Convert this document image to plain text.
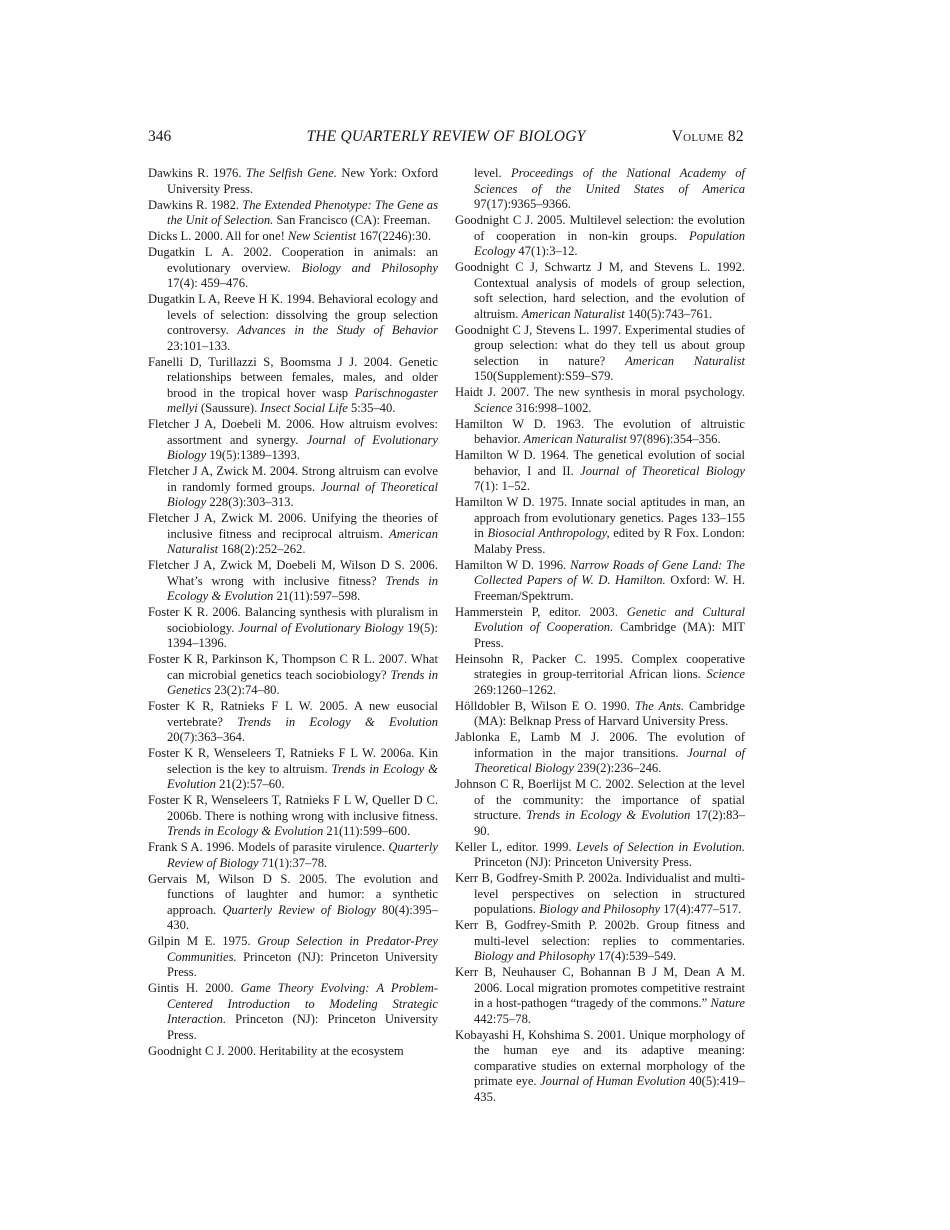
346	THE QUARTERLY REVIEW OF BIOLOGY	Volume 82

Dawkins R. 1976. The Selfish Gene. New York: Oxford University Press.

Dawkins R. 1982. The Extended Phenotype: The Gene as the Unit of Selection. San Francisco (CA): Freeman.

Dicks L. 2000. All for one! New Scientist 167(2246):30.

Dugatkin L A. 2002. Cooperation in animals: an evolutionary overview. Biology and Philosophy 17(4): 459–476.

Dugatkin L A, Reeve H K. 1994. Behavioral ecology and levels of selection: dissolving the group selection controversy. Advances in the Study of Behavior 23:101–133.

Fanelli D, Turillazzi S, Boomsma J J. 2004. Genetic relationships between females, males, and older brood in the tropical hover wasp Parischnogaster mellyi (Saussure). Insect Social Life 5:35–40.

Fletcher J A, Doebeli M. 2006. How altruism evolves: assortment and synergy. Journal of Evolutionary Biology 19(5):1389–1393.

Fletcher J A, Zwick M. 2004. Strong altruism can evolve in randomly formed groups. Journal of Theoretical Biology 228(3):303–313.

Fletcher J A, Zwick M. 2006. Unifying the theories of inclusive fitness and reciprocal altruism. American Naturalist 168(2):252–262.

Fletcher J A, Zwick M, Doebeli M, Wilson D S. 2006. What’s wrong with inclusive fitness? Trends in Ecology & Evolution 21(11):597–598.

Foster K R. 2006. Balancing synthesis with pluralism in sociobiology. Journal of Evolutionary Biology 19(5): 1394–1396.

Foster K R, Parkinson K, Thompson C R L. 2007. What can microbial genetics teach sociobiology? Trends in Genetics 23(2):74–80.

Foster K R, Ratnieks F L W. 2005. A new eusocial vertebrate? Trends in Ecology & Evolution 20(7):363–364.

Foster K R, Wenseleers T, Ratnieks F L W. 2006a. Kin selection is the key to altruism. Trends in Ecology & Evolution 21(2):57–60.

Foster K R, Wenseleers T, Ratnieks F L W, Queller D C. 2006b. There is nothing wrong with inclusive fitness. Trends in Ecology & Evolution 21(11):599–600.

Frank S A. 1996. Models of parasite virulence. Quarterly Review of Biology 71(1):37–78.

Gervais M, Wilson D S. 2005. The evolution and functions of laughter and humor: a synthetic approach. Quarterly Review of Biology 80(4):395–430.

Gilpin M E. 1975. Group Selection in Predator-Prey Communities. Princeton (NJ): Princeton University Press.

Gintis H. 2000. Game Theory Evolving: A Problem-Centered Introduction to Modeling Strategic Interaction. Princeton (NJ): Princeton University Press.

Goodnight C J. 2000. Heritability at the ecosystem

level. Proceedings of the National Academy of Sciences of the United States of America 97(17):9365–9366.

Goodnight C J. 2005. Multilevel selection: the evolution of cooperation in non-kin groups. Population Ecology 47(1):3–12.

Goodnight C J, Schwartz J M, and Stevens L. 1992. Contextual analysis of models of group selection, soft selection, hard selection, and the evolution of altruism. American Naturalist 140(5):743–761.

Goodnight C J, Stevens L. 1997. Experimental studies of group selection: what do they tell us about group selection in nature? American Naturalist 150(Supplement):S59–S79.

Haidt J. 2007. The new synthesis in moral psychology. Science 316:998–1002.

Hamilton W D. 1963. The evolution of altruistic behavior. American Naturalist 97(896):354–356.

Hamilton W D. 1964. The genetical evolution of social behavior, I and II. Journal of Theoretical Biology 7(1): 1–52.

Hamilton W D. 1975. Innate social aptitudes in man, an approach from evolutionary genetics. Pages 133–155 in Biosocial Anthropology, edited by R Fox. London: Malaby Press.

Hamilton W D. 1996. Narrow Roads of Gene Land: The Collected Papers of W. D. Hamilton. Oxford: W. H. Freeman/Spektrum.

Hammerstein P, editor. 2003. Genetic and Cultural Evolution of Cooperation. Cambridge (MA): MIT Press.

Heinsohn R, Packer C. 1995. Complex cooperative strategies in group-territorial African lions. Science 269:1260–1262.

Hölldobler B, Wilson E O. 1990. The Ants. Cambridge (MA): Belknap Press of Harvard University Press.

Jablonka E, Lamb M J. 2006. The evolution of information in the major transitions. Journal of Theoretical Biology 239(2):236–246.

Johnson C R, Boerlijst M C. 2002. Selection at the level of the community: the importance of spatial structure. Trends in Ecology & Evolution 17(2):83–90.

Keller L, editor. 1999. Levels of Selection in Evolution. Princeton (NJ): Princeton University Press.

Kerr B, Godfrey-Smith P. 2002a. Individualist and multi-level perspectives on selection in structured populations. Biology and Philosophy 17(4):477–517.

Kerr B, Godfrey-Smith P. 2002b. Group fitness and multi-level selection: replies to commentaries. Biology and Philosophy 17(4):539–549.

Kerr B, Neuhauser C, Bohannan B J M, Dean A M. 2006. Local migration promotes competitive restraint in a host-pathogen “tragedy of the commons.” Nature 442:75–78.

Kobayashi H, Kohshima S. 2001. Unique morphology of the human eye and its adaptive meaning: comparative studies on external morphology of the primate eye. Journal of Human Evolution 40(5):419–435.
